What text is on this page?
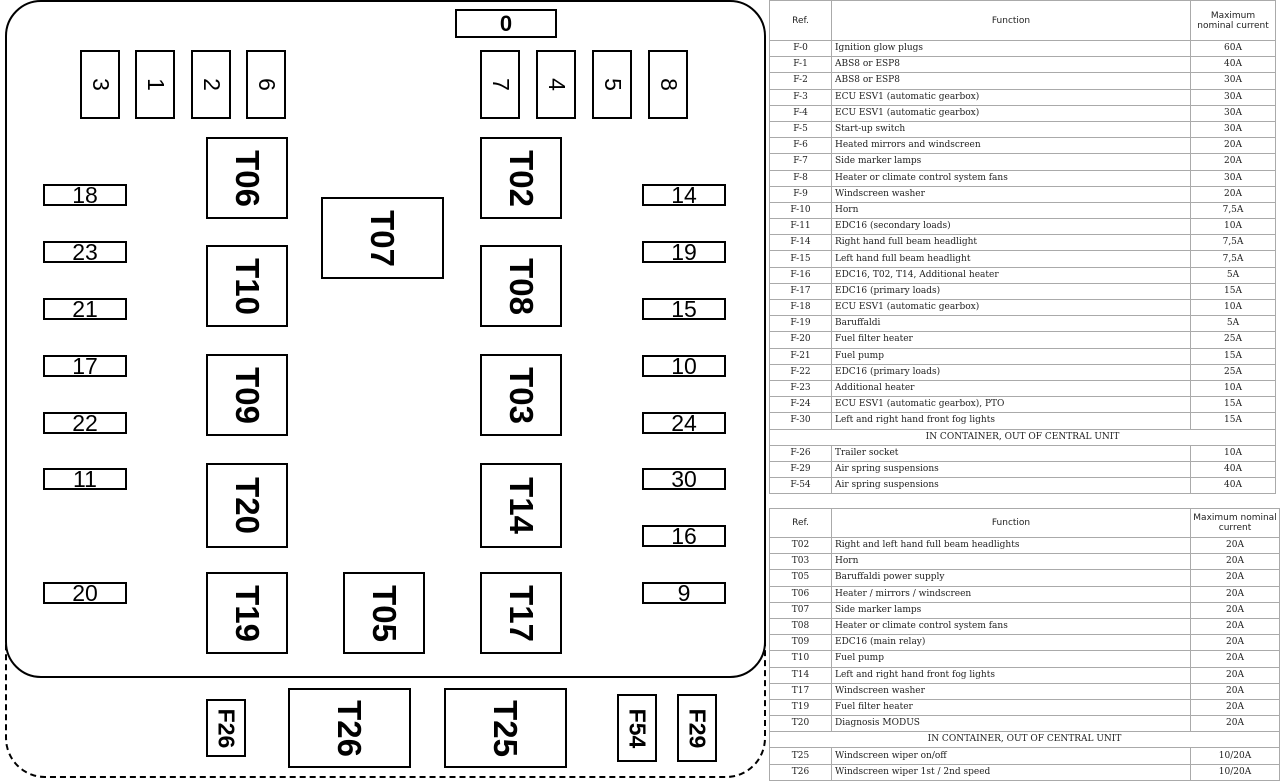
0
3 1 2 6	7 4 5 8
18
23
21
17
22
11
20
14
19
15
10
24
30
16
9
T06
T10
T09
T20
T19
T02
T08
T03
T14
T17
T07
T05
F26	T26	T25	F54 F29
Ref.	Function	Maximum nominal current
F-0	Ignition glow plugs	60A
F-1	ABS8 or ESP8	40A
F-2	ABS8 or ESP8	30A
F-3	ECU ESV1 (automatic gearbox)	30A
F-4	ECU ESV1 (automatic gearbox)	30A
F-5	Start-up switch	30A
F-6	Heated mirrors and windscreen	20A
F-7	Side marker lamps	20A
F-8	Heater or climate control system fans	30A
F-9	Windscreen washer	20A
F-10	Horn	7,5A
F-11	EDC16 (secondary loads)	10A
F-14	Right hand full beam headlight	7,5A
F-15	Left hand full beam headlight	7,5A
F-16	EDC16, T02, T14, Additional heater	5A
F-17	EDC16 (primary loads)	15A
F-18	ECU ESV1 (automatic gearbox)	10A
F-19	Baruffaldi	5A
F-20	Fuel filter heater	25A
F-21	Fuel pump	15A
F-22	EDC16 (primary loads)	25A
F-23	Additional heater	10A
F-24	ECU ESV1 (automatic gearbox), PTO	15A
F-30	Left and right hand front fog lights	15A
IN CONTAINER, OUT OF CENTRAL UNIT		
F-26	Trailer socket	10A
F-29	Air spring suspensions	40A
F-54	Air spring suspensions	40A
Ref.	Function	Maximum nominal current
T02	Right and left hand full beam headlights	20A
T03	Horn	20A
T05	Baruffaldi power supply	20A
T06	Heater / mirrors / windscreen	20A
T07	Side marker lamps	20A
T08	Heater or climate control system fans	20A
T09	EDC16 (main relay)	20A
T10	Fuel pump	20A
T14	Left and right hand front fog lights	20A
T17	Windscreen washer	20A
T19	Fuel filter heater	20A
T20	Diagnosis MODUS	20A
IN CONTAINER, OUT OF CENTRAL UNIT		
T25	Windscreen wiper on/off	10/20A
T26	Windscreen wiper 1st / 2nd speed	10/20A
